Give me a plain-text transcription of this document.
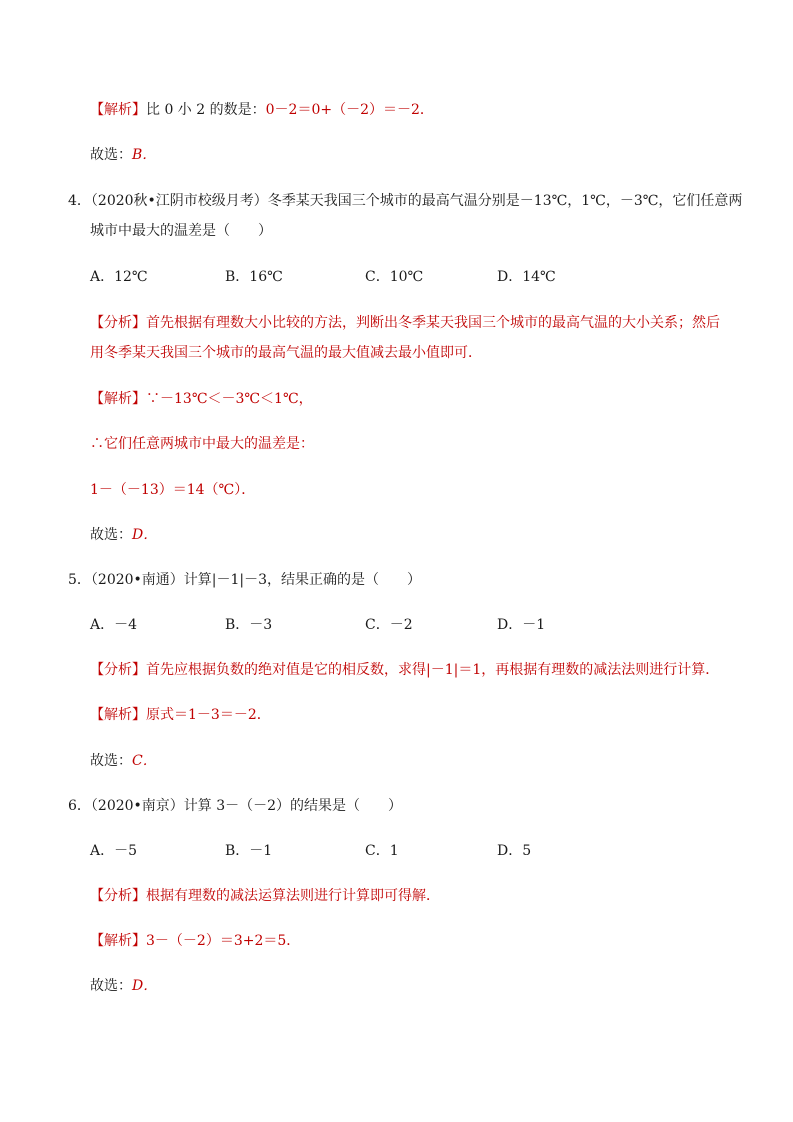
【解析】比 0 小 2 的数是：0－2＝0+（－2）＝－2．
故选：B．
4．（2020秋•江阴市校级月考）冬季某天我国三个城市的最高气温分别是－13℃，1℃，－3℃，它们任意两
城市中最大的温差是（　　）
A．12℃	B．16℃	C．10℃	D．14℃
【分析】首先根据有理数大小比较的方法，判断出冬季某天我国三个城市的最高气温的大小关系；然后
用冬季某天我国三个城市的最高气温的最大值减去最小值即可．
【解析】∵－13℃＜－3℃＜1℃，
∴它们任意两城市中最大的温差是：
1－（－13）＝14（℃）．
故选：D．
5．（2020•南通）计算|－1|－3，结果正确的是（　　）
A．－4	B．－3	C．－2	D．－1
【分析】首先应根据负数的绝对值是它的相反数，求得|－1|＝1，再根据有理数的减法法则进行计算．
【解析】原式＝1－3＝－2．
故选：C．
6．（2020•南京）计算 3－（－2）的结果是（　　）
A．－5	B．－1	C．1	D．5
【分析】根据有理数的减法运算法则进行计算即可得解．
【解析】3－（－2）＝3+2＝5．
故选：D．
